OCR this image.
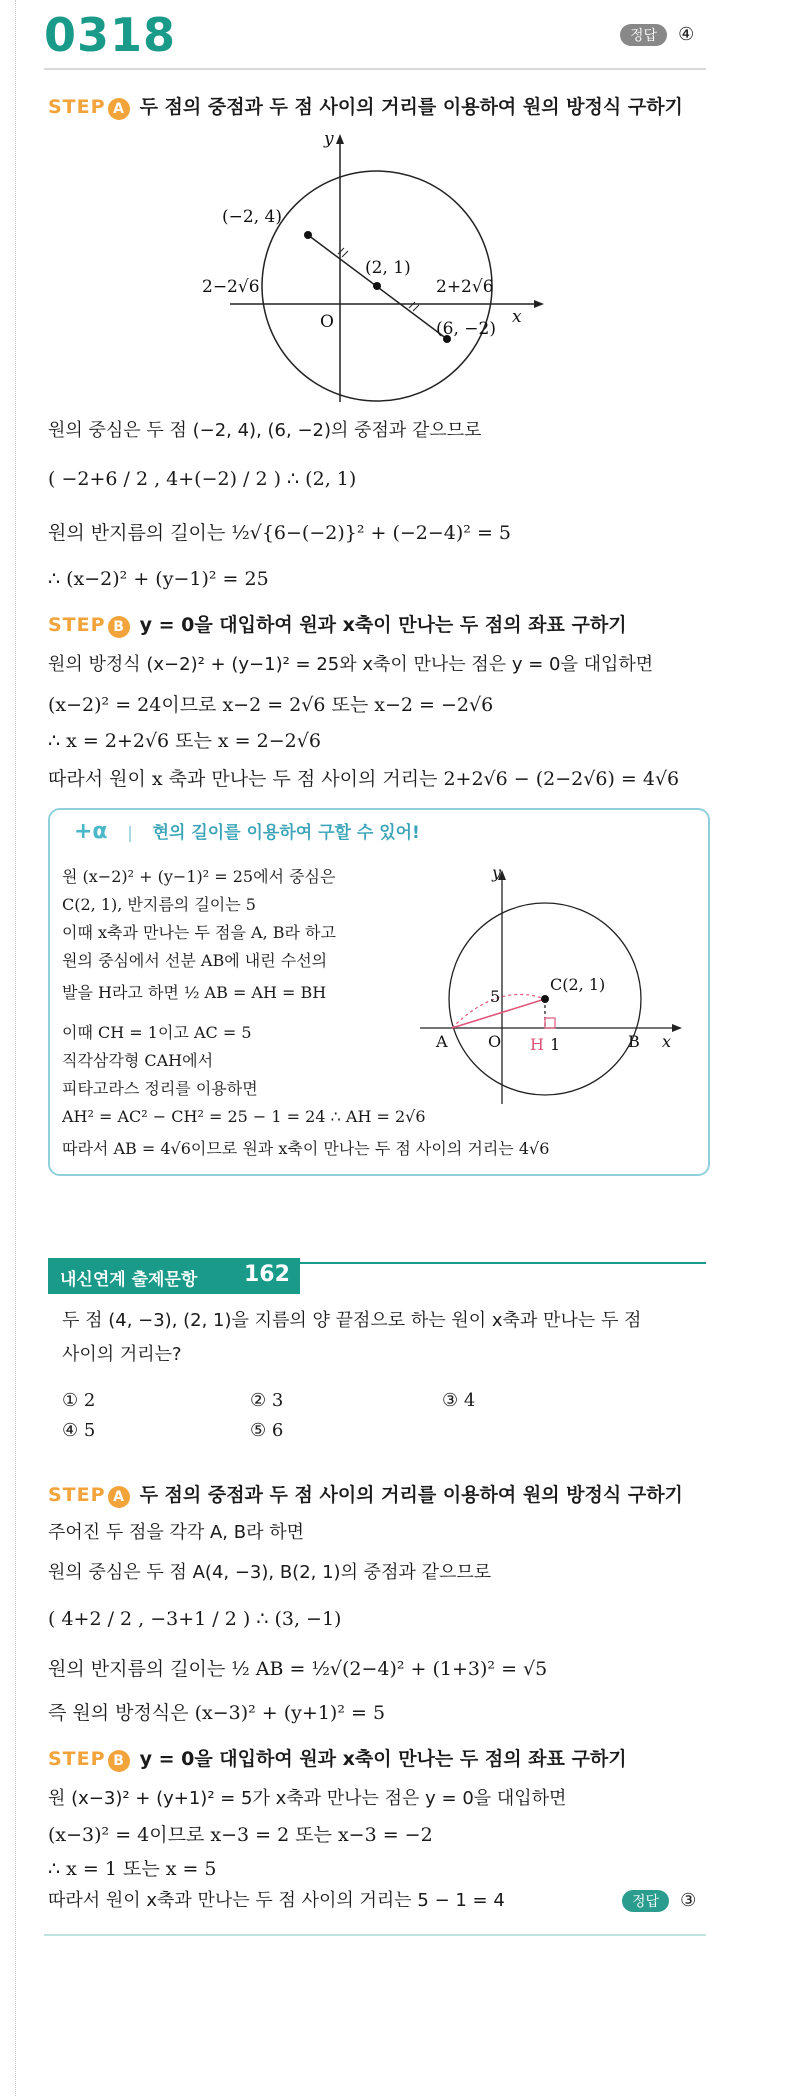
0318	정답 ④
STEP A 두 점의 중점과 두 점 사이의 거리를 이용하여 원의 방정식 구하기
y
x
O
(−2, 4)
(2, 1)
(6, −2)
2−2√6	2+2√6
원의 중심은 두 점 (−2, 4), (6, −2)의 중점과 같으므로
( −2+6 / 2 , 4+(−2) / 2 ) ∴ (2, 1)
원의 반지름의 길이는 ½√{6−(−2)}² + (−2−4)² = 5
∴ (x−2)² + (y−1)² = 25
STEP B y = 0을 대입하여 원과 x축이 만나는 두 점의 좌표 구하기
원의 방정식 (x−2)² + (y−1)² = 25와 x축이 만나는 점은 y = 0을 대입하면
(x−2)² = 24이므로 x−2 = 2√6 또는 x−2 = −2√6
∴ x = 2+2√6 또는 x = 2−2√6
따라서 원이 x 축과 만나는 두 점 사이의 거리는 2+2√6 − (2−2√6) = 4√6
+α | 현의 길이를 이용하여 구할 수 있어!
원 (x−2)² + (y−1)² = 25에서 중심은
C(2, 1), 반지름의 길이는 5
이때 x축과 만나는 두 점을 A, B라 하고
원의 중심에서 선분 AB에 내린 수선의
발을 H라고 하면 ½ AB = AH = BH
이때 CH = 1이고 AC = 5
직각삼각형 CAH에서
피타고라스 정리를 이용하면
AH² = AC² − CH² = 25 − 1 = 24 ∴ AH = 2√6
따라서 AB = 4√6이므로 원과 x축이 만나는 두 점 사이의 거리는 4√6
y
x
O
A	B
H
C(2, 1)
5
1
내신연계 출제문항 162
두 점 (4, −3), (2, 1)을 지름의 양 끝점으로 하는 원이 x축과 만나는 두 점
사이의 거리는?
① 2	② 3	③ 4
④ 5	⑤ 6
STEP A 두 점의 중점과 두 점 사이의 거리를 이용하여 원의 방정식 구하기
주어진 두 점을 각각 A, B라 하면
원의 중심은 두 점 A(4, −3), B(2, 1)의 중점과 같으므로
( 4+2 / 2 , −3+1 / 2 ) ∴ (3, −1)
원의 반지름의 길이는 ½ AB = ½√(2−4)² + (1+3)² = √5
즉 원의 방정식은 (x−3)² + (y+1)² = 5
STEP B y = 0을 대입하여 원과 x축이 만나는 두 점의 좌표 구하기
원 (x−3)² + (y+1)² = 5가 x축과 만나는 점은 y = 0을 대입하면
(x−3)² = 4이므로 x−3 = 2 또는 x−3 = −2
∴ x = 1 또는 x = 5
따라서 원이 x축과 만나는 두 점 사이의 거리는 5 − 1 = 4	정답 ③
